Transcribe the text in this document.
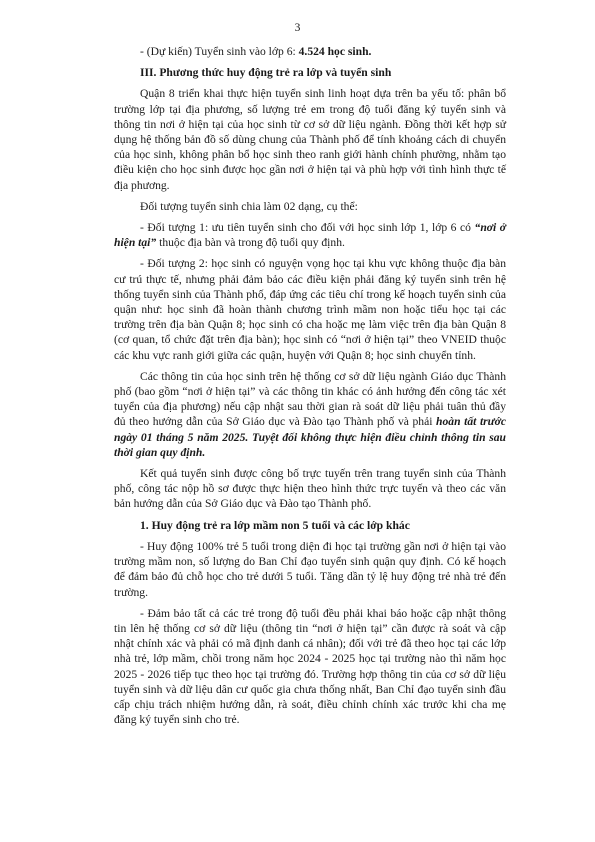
3

- (Dự kiến) Tuyển sinh vào lớp 6: 4.524 học sinh.

III. Phương thức huy động trẻ ra lớp và tuyển sinh

Quận 8 triển khai thực hiện tuyển sinh linh hoạt dựa trên ba yếu tố: phân bổ trường lớp tại địa phương, số lượng trẻ em trong độ tuổi đăng ký tuyển sinh và thông tin nơi ở hiện tại của học sinh từ cơ sở dữ liệu ngành. Đồng thời kết hợp sử dụng hệ thống bản đồ số dùng chung của Thành phố để tính khoảng cách di chuyển của học sinh, không phân bổ học sinh theo ranh giới hành chính phường, nhằm tạo điều kiện cho học sinh được học gần nơi ở hiện tại và phù hợp với tình hình thực tế địa phương.

Đối tượng tuyển sinh chia làm 02 dạng, cụ thể:

- Đối tượng 1: ưu tiên tuyển sinh cho đối với học sinh lớp 1, lớp 6 có “nơi ở hiện tại” thuộc địa bàn và trong độ tuổi quy định.

- Đối tượng 2: học sinh có nguyện vọng học tại khu vực không thuộc địa bàn cư trú thực tế, nhưng phải đảm bảo các điều kiện phải đăng ký tuyển sinh trên hệ thống tuyển sinh của Thành phố, đáp ứng các tiêu chí trong kế hoạch tuyển sinh của quận như: học sinh đã hoàn thành chương trình mầm non hoặc tiểu học tại các trường trên địa bàn Quận 8; học sinh có cha hoặc mẹ làm việc trên địa bàn Quận 8 (cơ quan, tổ chức đặt trên địa bàn); học sinh có “nơi ở hiện tại” theo VNEID thuộc các khu vực ranh giới giữa các quận, huyện với Quận 8; học sinh chuyển tỉnh.

Các thông tin của học sinh trên hệ thống cơ sở dữ liệu ngành Giáo dục Thành phố (bao gồm “nơi ở hiện tại” và các thông tin khác có ảnh hưởng đến công tác xét tuyển của địa phương) nếu cập nhật sau thời gian rà soát dữ liệu phải tuân thủ đầy đủ theo hướng dẫn của Sở Giáo dục và Đào tạo Thành phố và phải hoàn tất trước ngày 01 tháng 5 năm 2025. Tuyệt đối không thực hiện điều chỉnh thông tin sau thời gian quy định.

Kết quả tuyển sinh được công bố trực tuyến trên trang tuyển sinh của Thành phố, công tác nộp hồ sơ được thực hiện theo hình thức trực tuyến và theo các văn bản hướng dẫn của Sở Giáo dục và Đào tạo Thành phố.

1. Huy động trẻ ra lớp mầm non 5 tuổi và các lớp khác

- Huy động 100% trẻ 5 tuổi trong diện đi học tại trường gần nơi ở hiện tại vào trường mầm non, số lượng do Ban Chỉ đạo tuyển sinh quận quy định. Có kế hoạch để đảm bảo đủ chỗ học cho trẻ dưới 5 tuổi. Tăng dần tỷ lệ huy động trẻ nhà trẻ đến trường.

- Đảm bảo tất cả các trẻ trong độ tuổi đều phải khai báo hoặc cập nhật thông tin lên hệ thống cơ sở dữ liệu (thông tin “nơi ở hiện tại” cần được rà soát và cập nhật chính xác và phải có mã định danh cá nhân); đối với trẻ đã theo học tại các lớp nhà trẻ, lớp mầm, chồi trong năm học 2024 - 2025 học tại trường nào thì năm học 2025 - 2026 tiếp tục theo học tại trường đó. Trường hợp thông tin của cơ sở dữ liệu tuyển sinh và dữ liệu dân cư quốc gia chưa thống nhất, Ban Chỉ đạo tuyển sinh đầu cấp chịu trách nhiệm hướng dẫn, rà soát, điều chỉnh chính xác trước khi cha mẹ đăng ký tuyển sinh cho trẻ.
